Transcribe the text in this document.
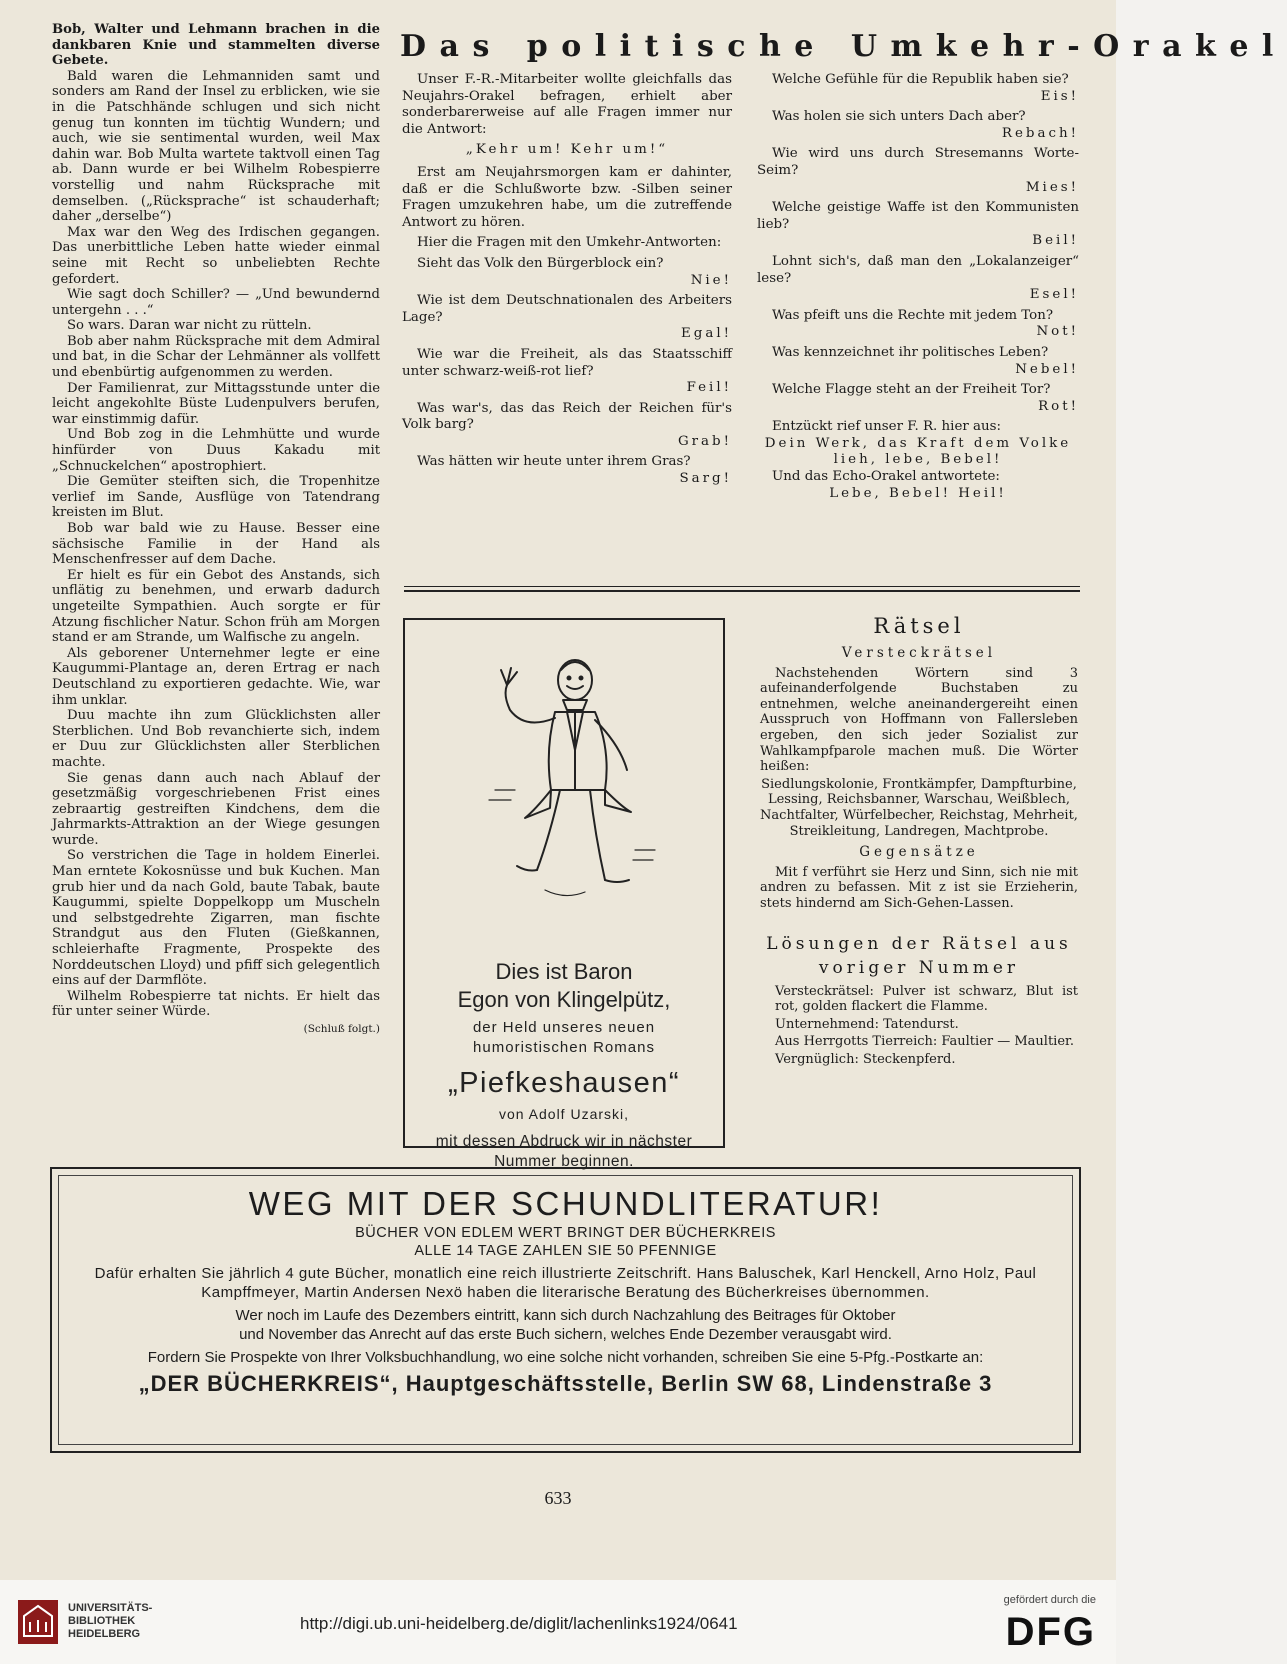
Bob, Walter und Lehmann brachen in die dankbaren Knie und stammelten diverse Gebete.

Bald waren die Lehmanniden samt und sonders am Rand der Insel zu erblicken, wie sie in die Patschhände schlugen und sich nicht genug tun konnten im tüchtig Wundern; und auch, wie sie sentimental wurden, weil Max dahin war. Bob Multa wartete taktvoll einen Tag ab. Dann wurde er bei Wilhelm Robespierre vorstellig und nahm Rücksprache mit demselben. („Rücksprache“ ist schauderhaft; daher „derselbe“)

Max war den Weg des Irdischen gegangen. Das unerbittliche Leben hatte wieder einmal seine mit Recht so unbeliebten Rechte gefordert.

Wie sagt doch Schiller? — „Und bewundernd untergehn . . .“

So wars. Daran war nicht zu rütteln.

Bob aber nahm Rücksprache mit dem Admiral und bat, in die Schar der Lehmänner als vollfett und ebenbürtig aufgenommen zu werden.

Der Familienrat, zur Mittagsstunde unter die leicht angekohlte Büste Ludenpulvers berufen, war einstimmig dafür.

Und Bob zog in die Lehmhütte und wurde hinfürder von Duus Kakadu mit „Schnuckelchen“ apostrophiert.

Die Gemüter steiften sich, die Tropenhitze verlief im Sande, Ausflüge von Tatendrang kreisten im Blut.

Bob war bald wie zu Hause. Besser eine sächsische Familie in der Hand als Menschenfresser auf dem Dache.

Er hielt es für ein Gebot des Anstands, sich unflätig zu benehmen, und erwarb dadurch ungeteilte Sympathien. Auch sorgte er für Atzung fischlicher Natur. Schon früh am Morgen stand er am Strande, um Walfische zu angeln.

Als geborener Unternehmer legte er eine Kaugummi-Plantage an, deren Ertrag er nach Deutschland zu exportieren gedachte. Wie, war ihm unklar.

Duu machte ihn zum Glücklichsten aller Sterblichen. Und Bob revanchierte sich, indem er Duu zur Glücklichsten aller Sterblichen machte.

Sie genas dann auch nach Ablauf der gesetzmäßig vorgeschriebenen Frist eines zebraartig gestreiften Kindchens, dem die Jahrmarkts-Attraktion an der Wiege gesungen wurde.

So verstrichen die Tage in holdem Einerlei. Man erntete Kokosnüsse und buk Kuchen. Man grub hier und da nach Gold, baute Tabak, baute Kaugummi, spielte Doppelkopp um Muscheln und selbstgedrehte Zigarren, man fischte Strandgut aus den Fluten (Gießkannen, schleierhafte Fragmente, Prospekte des Norddeutschen Lloyd) und pfiff sich gelegentlich eins auf der Darmflöte.

Wilhelm Robespierre tat nichts. Er hielt das für unter seiner Würde.

(Schluß folgt.)
Das politische Umkehr-Orakel

Unser F.-R.-Mitarbeiter wollte gleichfalls das Neujahrs-Orakel befragen, erhielt aber sonderbarerweise auf alle Fragen immer nur die Antwort:

„Kehr um! Kehr um!“

Erst am Neujahrsmorgen kam er dahinter, daß er die Schlußworte bzw. -Silben seiner Fragen umzukehren habe, um die zutreffende Antwort zu hören.

Hier die Fragen mit den Umkehr-Antworten:

Sieht das Volk den Bürgerblock ein?
Nie!
Wie ist dem Deutschnationalen des Arbeiters Lage?
Egal!
Wie war die Freiheit, als das Staatsschiff unter schwarz-weiß-rot lief?
Feil!
Was war's, das das Reich der Reichen für's Volk barg?
Grab!
Was hätten wir heute unter ihrem Gras?
Sarg!
Welche Gefühle für die Republik haben sie?
Eis!
Was holen sie sich unters Dach aber?
Rebach!
Wie wird uns durch Stresemanns Worte-Seim?
Mies!
Welche geistige Waffe ist den Kommunisten lieb?
Beil!
Lohnt sich's, daß man den „Lokalanzeiger“ lese?
Esel!
Was pfeift uns die Rechte mit jedem Ton?
Not!
Was kennzeichnet ihr politisches Leben?
Nebel!
Welche Flagge steht an der Freiheit Tor?
Rot!
Entzückt rief unser F. R. hier aus:
Dein Werk, das Kraft dem Volke lieh, lebe, Bebel!
Und das Echo-Orakel antwortete:
Lebe, Bebel! Heil!
Dies ist Baron
Egon von Klingelpütz,
der Held unseres neuen humoristischen Romans
„Piefkeshausen“
von Adolf Uzarski,
mit dessen Abdruck wir in nächster Nummer beginnen.
Rätsel
Versteckrätsel

Nachstehenden Wörtern sind 3 aufeinanderfolgende Buchstaben zu entnehmen, welche aneinandergereiht einen Ausspruch von Hoffmann von Fallersleben ergeben, den sich jeder Sozialist zur Wahlkampfparole machen muß. Die Wörter heißen:

Siedlungskolonie, Frontkämpfer, Dampfturbine, Lessing, Reichsbanner, Warschau, Weißblech, Nachtfalter, Würfelbecher, Reichstag, Mehrheit, Streikleitung, Landregen, Machtprobe.

Gegensätze

Mit f verführt sie Herz und Sinn, sich nie mit andren zu befassen. Mit z ist sie Erzieherin, stets hindernd am Sich-Gehen-Lassen.

Lösungen der Rätsel aus voriger Nummer

Versteckrätsel: Pulver ist schwarz, Blut ist rot, golden flackert die Flamme.

Unternehmend: Tatendurst.

Aus Herrgotts Tierreich: Faultier — Maultier.

Vergnüglich: Steckenpferd.

WEG MIT DER SCHUNDLITERATUR!
BÜCHER VON EDLEM WERT BRINGT DER BÜCHERKREIS
ALLE 14 TAGE ZAHLEN SIE 50 PFENNIGE
Dafür erhalten Sie jährlich 4 gute Bücher, monatlich eine reich illustrierte Zeitschrift. Hans Baluschek, Karl Henckell, Arno Holz, Paul Kampffmeyer, Martin Andersen Nexö haben die literarische Beratung des Bücherkreises übernommen.
Wer noch im Laufe des Dezembers eintritt, kann sich durch Nachzahlung des Beitrages für Oktober und November das Anrecht auf das erste Buch sichern, welches Ende Dezember verausgabt wird.
Fordern Sie Prospekte von Ihrer Volksbuchhandlung, wo eine solche nicht vorhanden, schreiben Sie eine 5-Pfg.-Postkarte an:
„DER BÜCHERKREIS“, Hauptgeschäftsstelle, Berlin SW 68, Lindenstraße 3
633
UNIVERSITÄTS-
BIBLIOTHEK
HEIDELBERG
http://digi.ub.uni-heidelberg.de/diglit/lachenlinks1924/0641
gefördert durch die
DFG
